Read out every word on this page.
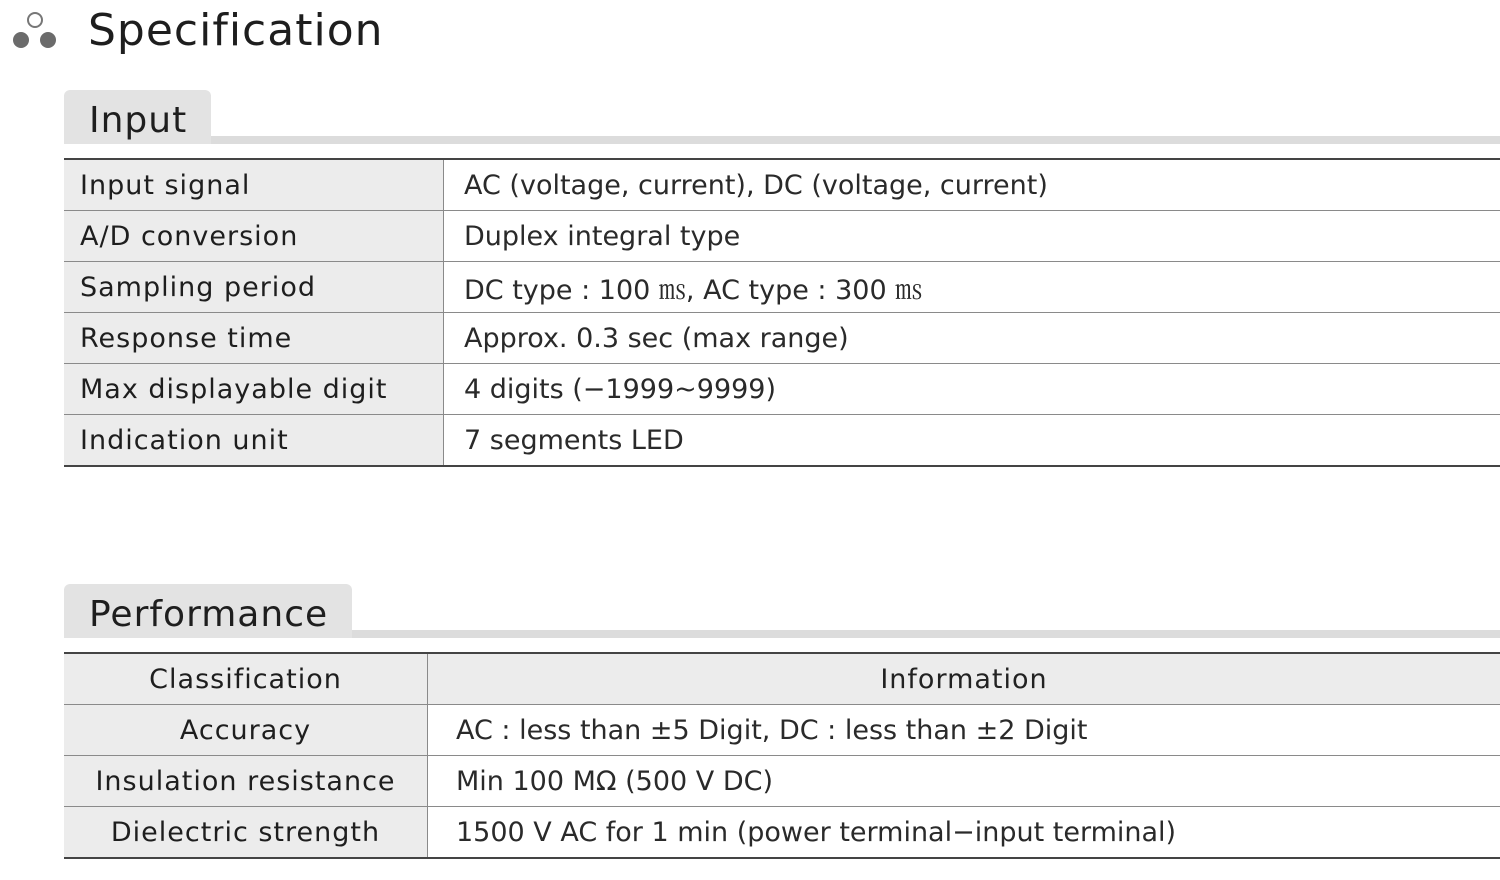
Specification
Input
Input signal	AC (voltage, current), DC (voltage, current)
A/D conversion	Duplex integral type
Sampling period	DC type : 100 ㎳, AC type : 300 ㎳
Response time	Approx. 0.3 sec (max range)
Max displayable digit	4 digits (−1999~9999)
Indication unit	7 segments LED
Performance
Classification	Information
Accuracy	AC : less than ±5 Digit, DC : less than ±2 Digit
Insulation resistance	Min 100 MΩ (500 V DC)
Dielectric strength	1500 V AC for 1 min (power terminal−input terminal)
